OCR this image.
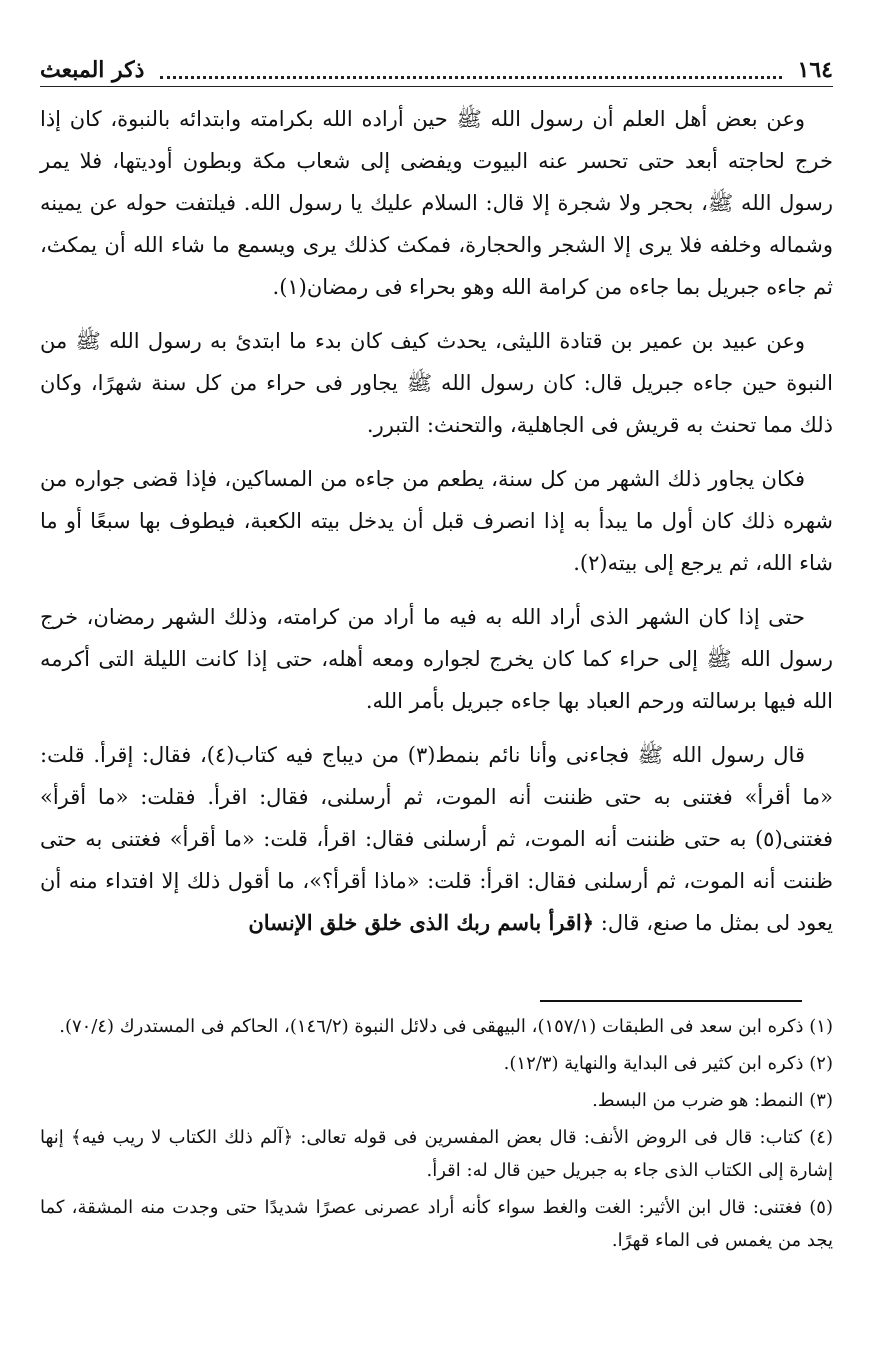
١٦٤
ذكر المبعث

وعن بعض أهل العلم أن رسول الله ﷺ حين أراده الله بكرامته وابتدائه بالنبوة، كان إذا خرج لحاجته أبعد حتى تحسر عنه البيوت ويفضى إلى شعاب مكة وبطون أوديتها، فلا يمر رسول الله ﷺ، بحجر ولا شجرة إلا قال: السلام عليك يا رسول الله. فيلتفت حوله عن يمينه وشماله وخلفه فلا يرى إلا الشجر والحجارة، فمكث كذلك يرى ويسمع ما شاء الله أن يمكث، ثم جاءه جبريل بما جاءه من كرامة الله وهو بحراء فى رمضان(١).

وعن عبيد بن عمير بن قتادة الليثى، يحدث كيف كان بدء ما ابتدئ به رسول الله ﷺ من النبوة حين جاءه جبريل قال: كان رسول الله ﷺ يجاور فى حراء من كل سنة شهرًا، وكان ذلك مما تحنث به قريش فى الجاهلية، والتحنث: التبرر.

فكان يجاور ذلك الشهر من كل سنة، يطعم من جاءه من المساكين، فإذا قضى جواره من شهره ذلك كان أول ما يبدأ به إذا انصرف قبل أن يدخل بيته الكعبة، فيطوف بها سبعًا أو ما شاء الله، ثم يرجع إلى بيته(٢).

حتى إذا كان الشهر الذى أراد الله به فيه ما أراد من كرامته، وذلك الشهر رمضان، خرج رسول الله ﷺ إلى حراء كما كان يخرج لجواره ومعه أهله، حتى إذا كانت الليلة التى أكرمه الله فيها برسالته ورحم العباد بها جاءه جبريل بأمر الله.

قال رسول الله ﷺ فجاءنى وأنا نائم بنمط(٣) من ديباج فيه كتاب(٤)، فقال: إقرأ. قلت: «ما أقرأ» فغتنى به حتى ظننت أنه الموت، ثم أرسلنى، فقال: اقرأ. فقلت: «ما أقرأ» فغتنى(٥) به حتى ظننت أنه الموت، ثم أرسلنى فقال: اقرأ، قلت: «ما أقرأ» فغتنى به حتى ظننت أنه الموت، ثم أرسلنى فقال: اقرأ: قلت: «ماذا أقرأ؟»، ما أقول ذلك إلا افتداء منه أن يعود لى بمثل ما صنع، قال: ﴿اقرأ باسم ربك الذى خلق خلق الإنسان

(١) ذكره ابن سعد فى الطبقات (١٥٧/١)، البيهقى فى دلائل النبوة (١٤٦/٢)، الحاكم فى المستدرك (٧٠/٤).
(٢) ذكره ابن كثير فى البداية والنهاية (١٢/٣).
(٣) النمط: هو ضرب من البسط.
(٤) كتاب: قال فى الروض الأنف: قال بعض المفسرين فى قوله تعالى: ﴿آلم ذلك الكتاب لا ريب فيه﴾ إنها إشارة إلى الكتاب الذى جاء به جبريل حين قال له: اقرأ.
(٥) فغتنى: قال ابن الأثير: الغت والغط سواء كأنه أراد عصرنى عصرًا شديدًا حتى وجدت منه المشقة، كما يجد من يغمس فى الماء قهرًا.
